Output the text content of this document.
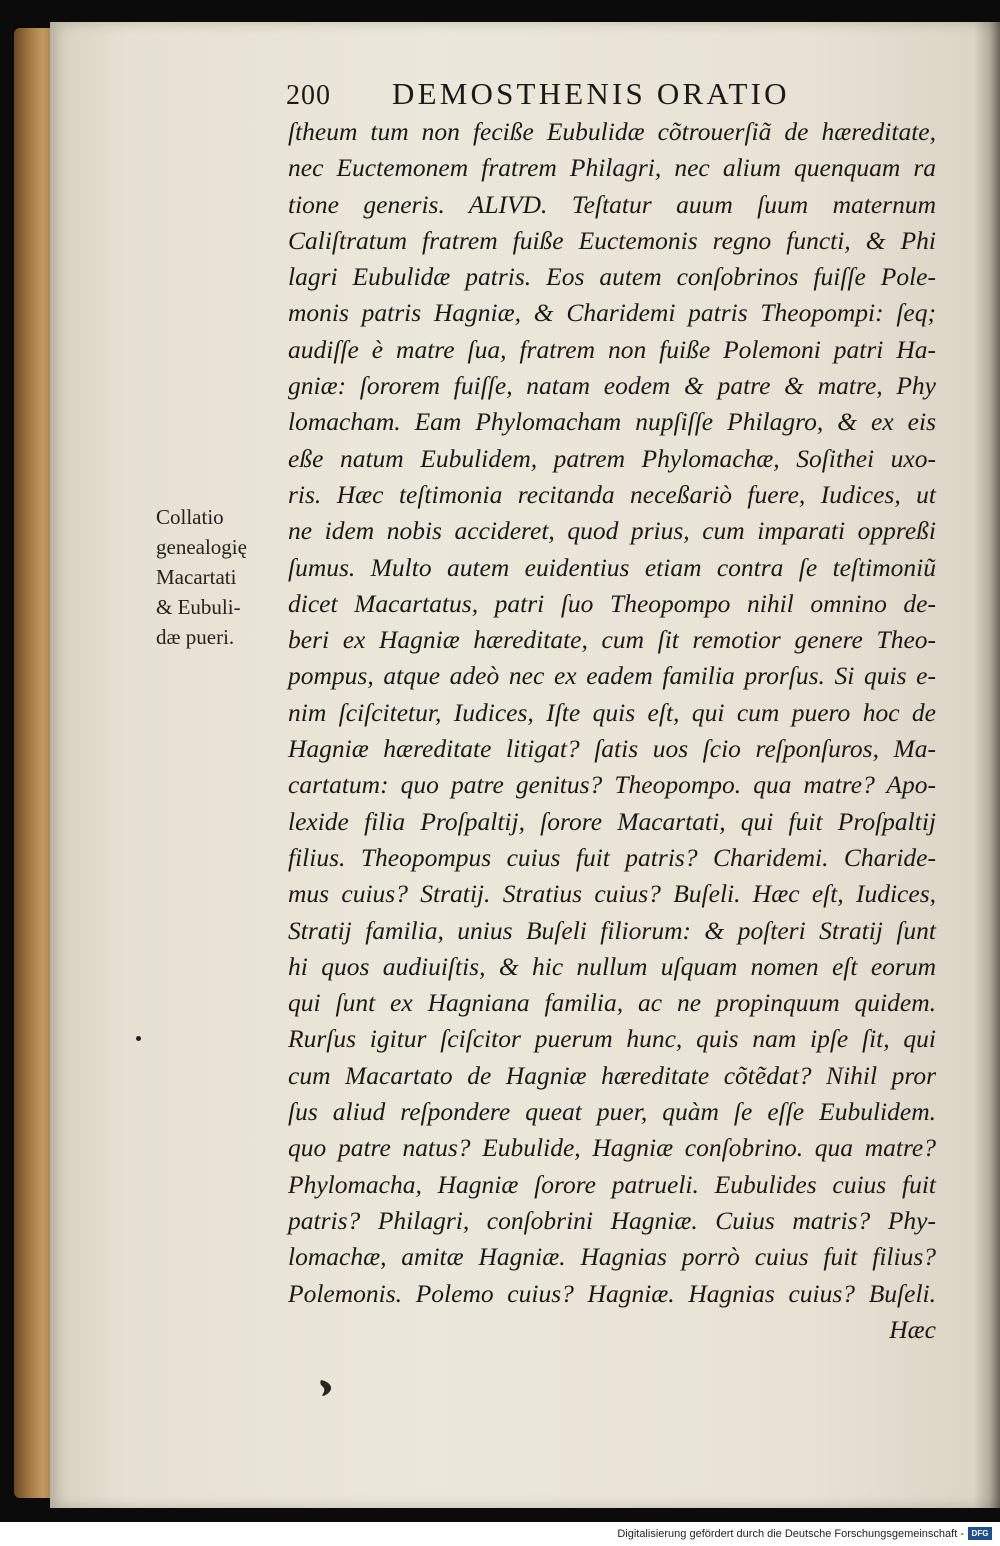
200 DEMOSTHENIS ORATIO
ſtheum tum non feciße Eubulidæ cõtrouerſiã de hæreditate,
nec Euctemonem fratrem Philagri, nec alium quenquam ra
tione generis. ALIVD. Teſtatur auum ſuum maternum
Caliſtratum fratrem fuiße Euctemonis regno functi, & Phi
lagri Eubulidæ patris. Eos autem conſobrinos fuiſſe Pole-
monis patris Hagniæ, & Charidemi patris Theopompi: ſeq;
audiſſe è matre ſua, fratrem non fuiße Polemoni patri Ha-
gniæ: ſororem fuiſſe, natam eodem & patre & matre, Phy
lomacham. Eam Phylomacham nupſiſſe Philagro, & ex eis
eße natum Eubulidem, patrem Phylomachæ, Soſithei uxo-
ris. Hæc teſtimonia recitanda neceßariò fuere, Iudices, ut
ne idem nobis accideret, quod prius, cum imparati oppreßi
ſumus. Multo autem euidentius etiam contra ſe teſtimoniũ
dicet Macartatus, patri ſuo Theopompo nihil omnino de-
beri ex Hagniæ hæreditate, cum ſit remotior genere Theo-
pompus, atque adeò nec ex eadem familia prorſus. Si quis e-
nim ſciſcitetur, Iudices, Iſte quis eſt, qui cum puero hoc de
Hagniæ hæreditate litigat? ſatis uos ſcio reſponſuros, Ma-
cartatum: quo patre genitus? Theopompo. qua matre? Apo-
lexide filia Proſpaltij, ſorore Macartati, qui fuit Proſpaltij
filius. Theopompus cuius fuit patris? Charidemi. Charide-
mus cuius? Stratij. Stratius cuius? Buſeli. Hæc eſt, Iudices,
Stratij familia, unius Buſeli filiorum: & poſteri Stratij ſunt
hi quos audiuiſtis, & hic nullum uſquam nomen eſt eorum
qui ſunt ex Hagniana familia, ac ne propinquum quidem.
Rurſus igitur ſciſcitor puerum hunc, quis nam ipſe ſit, qui
cum Macartato de Hagniæ hæreditate cõtẽdat? Nihil pror
ſus aliud reſpondere queat puer, quàm ſe eſſe Eubulidem.
quo patre natus? Eubulide, Hagniæ conſobrino. qua matre?
Phylomacha, Hagniæ ſorore patrueli. Eubulides cuius fuit
patris? Philagri, conſobrini Hagniæ. Cuius matris? Phy-
lomachæ, amitæ Hagniæ. Hagnias porrò cuius fuit filius?
Polemonis. Polemo cuius? Hagniæ. Hagnias cuius? Buſeli.
Hæc
Collatio
genealogię
Macartati
& Eubuli-
dæ pueri.
Digitalisierung gefördert durch die Deutsche Forschungsgemeinschaft - DFG
